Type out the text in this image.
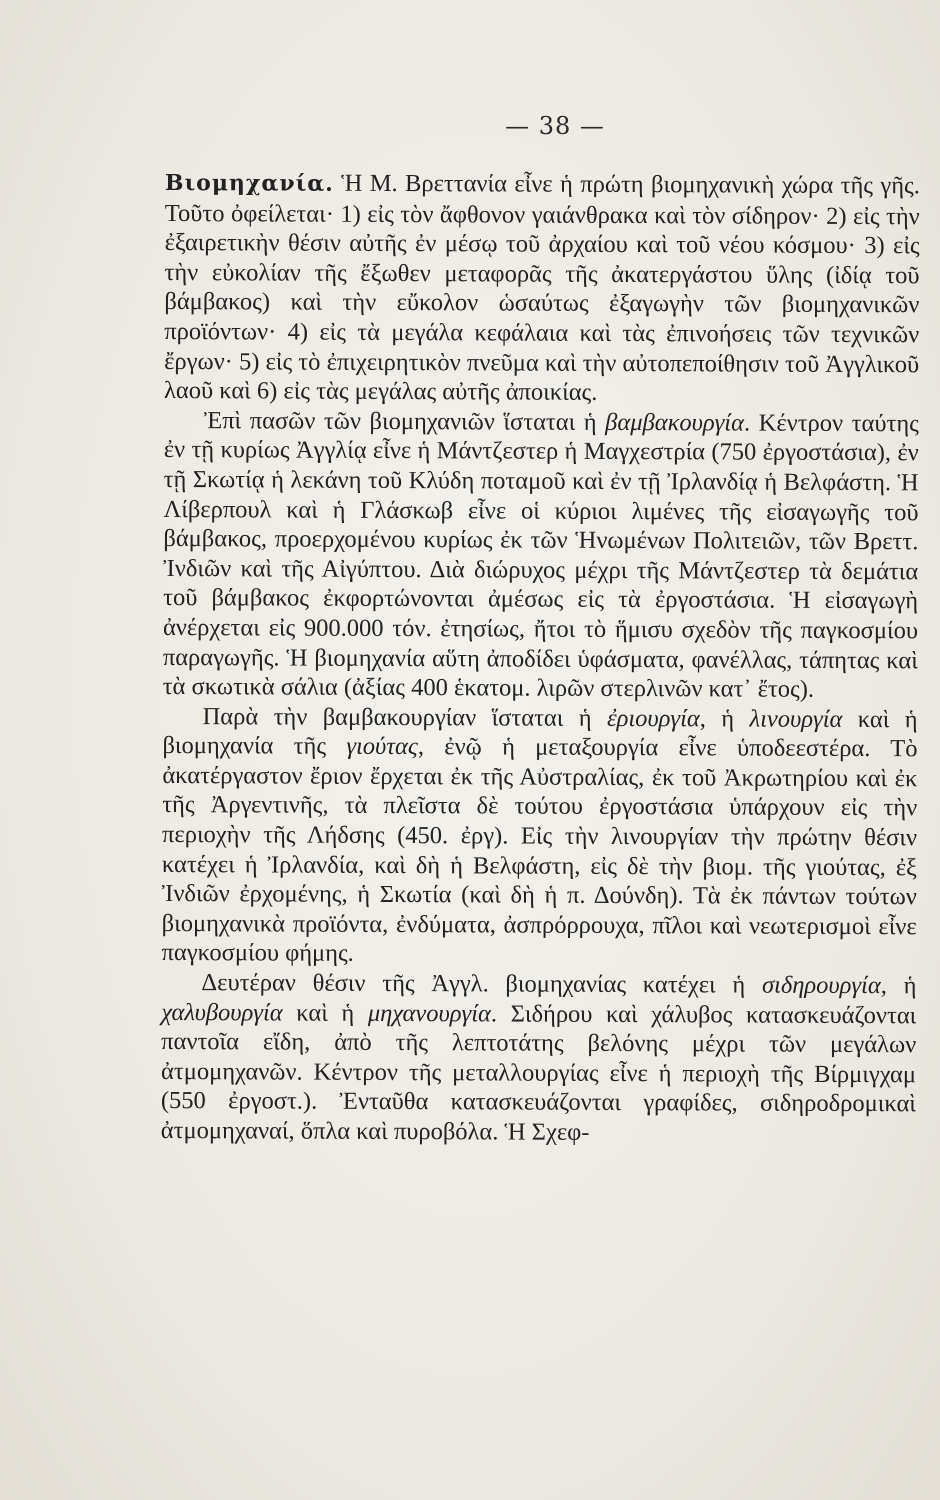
— 38 —

Βιομηχανία. Ἡ Μ. Βρεττανία εἶνε ἡ πρώτη βιομηχανικὴ χώρα τῆς γῆς. Τοῦτο ὀφείλεται· 1) εἰς τὸν ἄφθονον γαιάνθρακα καὶ τὸν σίδηρον· 2) εἰς τὴν ἐξαιρετικὴν θέσιν αὐτῆς ἐν μέσῳ τοῦ ἀρχαίου καὶ τοῦ νέου κόσμου· 3) εἰς τὴν εὐκολίαν τῆς ἔξωθεν μεταφορᾶς τῆς ἀκατεργάστου ὕλης (ἰδίᾳ τοῦ βάμβακος) καὶ τὴν εὔκολον ὡσαύτως ἐξαγωγὴν τῶν βιομηχανικῶν προϊόντων· 4) εἰς τὰ μεγάλα κεφάλαια καὶ τὰς ἐπινοήσεις τῶν τεχνικῶν ἔργων· 5) εἰς τὸ ἐπιχειρητικὸν πνεῦμα καὶ τὴν αὐτοπεποίθησιν τοῦ Ἀγγλικοῦ λαοῦ καὶ 6) εἰς τὰς μεγάλας αὐτῆς ἀποικίας.

Ἐπὶ πασῶν τῶν βιομηχανιῶν ἵσταται ἡ βαμβακουργία. Κέντρον ταύτης ἐν τῇ κυρίως Ἀγγλίᾳ εἶνε ἡ Μάντζεστερ ἡ Μαγχεστρία (750 ἐργοστάσια), ἐν τῇ Σκωτίᾳ ἡ λεκάνη τοῦ Κλύδη ποταμοῦ καὶ ἐν τῇ Ἰρλανδίᾳ ἡ Βελφάστη. Ἡ Λίβερπουλ καὶ ἡ Γλάσκωβ εἶνε οἱ κύριοι λιμένες τῆς εἰσαγωγῆς τοῦ βάμβακος, προερχομένου κυρίως ἐκ τῶν Ἡνωμένων Πολιτειῶν, τῶν Βρεττ. Ἰνδιῶν καὶ τῆς Αἰγύπτου. Διὰ διώρυχος μέχρι τῆς Μάντζεστερ τὰ δεμάτια τοῦ βάμβακος ἐκφορτώνονται ἀμέσως εἰς τὰ ἐργοστάσια. Ἡ εἰσαγωγὴ ἀνέρχεται εἰς 900.000 τόν. ἐτησίως, ἤτοι τὸ ἥμισυ σχεδὸν τῆς παγκοσμίου παραγωγῆς. Ἡ βιομηχανία αὕτη ἀποδίδει ὑφάσματα, φανέλλας, τάπητας καὶ τὰ σκωτικὰ σάλια (ἀξίας 400 ἑκατομ. λιρῶν στερλινῶν κατ᾽ ἔτος).

Παρὰ τὴν βαμβακουργίαν ἵσταται ἡ ἐριουργία, ἡ λινουργία καὶ ἡ βιομηχανία τῆς γιούτας, ἐνῷ ἡ μεταξουργία εἶνε ὑποδεεστέρα. Τὸ ἀκατέργαστον ἔριον ἔρχεται ἐκ τῆς Αὐστραλίας, ἐκ τοῦ Ἀκρωτηρίου καὶ ἐκ τῆς Ἀργεντινῆς, τὰ πλεῖστα δὲ τούτου ἐργοστάσια ὑπάρχουν εἰς τὴν περιοχὴν τῆς Λήδσης (450. ἐργ). Εἰς τὴν λινουργίαν τὴν πρώτην θέσιν κατέχει ἡ Ἰρλανδία, καὶ δὴ ἡ Βελφάστη, εἰς δὲ τὴν βιομ. τῆς γιούτας, ἐξ Ἰνδιῶν ἐρχομένης, ἡ Σκωτία (καὶ δὴ ἡ π. Δούνδη). Τὰ ἐκ πάντων τούτων βιομηχανικὰ προϊόντα, ἐνδύματα, ἀσπρόρρουχα, πῖλοι καὶ νεωτερισμοὶ εἶνε παγκοσμίου φήμης.

Δευτέραν θέσιν τῆς Ἀγγλ. βιομηχανίας κατέχει ἡ σιδηρουργία, ἡ χαλυβουργία καὶ ἡ μηχανουργία. Σιδήρου καὶ χάλυβος κατασκευάζονται παντοῖα εἴδη, ἀπὸ τῆς λεπτοτάτης βελόνης μέχρι τῶν μεγάλων ἀτμομηχανῶν. Κέντρον τῆς μεταλλουργίας εἶνε ἡ περιοχὴ τῆς Βίρμιγχαμ (550 ἐργοστ.). Ἐνταῦθα κατασκευάζονται γραφίδες, σιδηροδρομικαὶ ἀτμομηχαναί, ὅπλα καὶ πυροβόλα. Ἡ Σχεφ-
